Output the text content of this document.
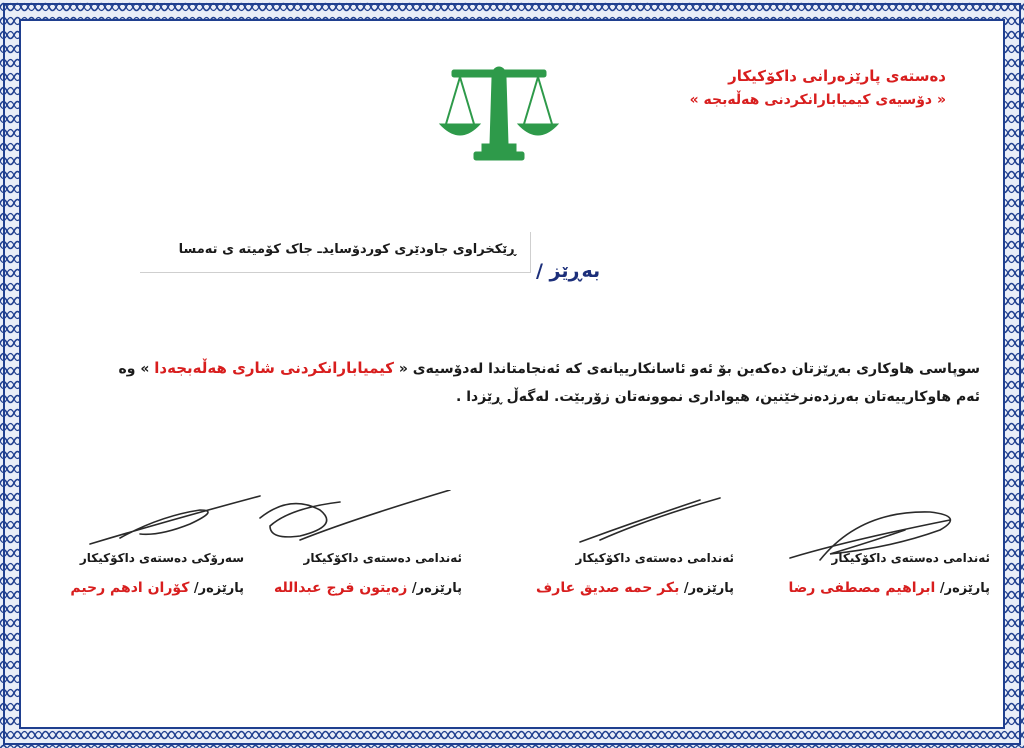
دەستەی پارێزەرانی داکۆکیکار
« دۆسیەی کیمیابارانکردنی هەڵەبجە »
ڕێکخراوی جاودێری کوردۆسایدـ جاک کۆمیتە ی تەمسا
بەڕێز /
سوپاسی هاوکاری بەڕێزتان دەکەین بۆ ئەو ئاسانکارییانەی کە ئەنجامتاندا لەدۆسیەی « کیمیابارانکردنی شاری هەڵەبجەدا » وە
ئەم هاوکارییەتان بەرزدەنرخێنین، هیواداری نموونەتان زۆربێت. لەگەڵ ڕێزدا .
ئەندامی دەستەی داکۆکیکار
پارێزەر/ ابراهیم مصطفى رضا
ئەندامی دەستەی داکۆکیکار
پارێزەر/ بکر حمه صدیق عارف
ئەندامی دەستەی داکۆکیکار
پارێزەر/ زەیتون فرج عبدالله
سەرۆکی دەستەی داکۆکیکار
پارێزەر/ کۆران ادهم رحیم
